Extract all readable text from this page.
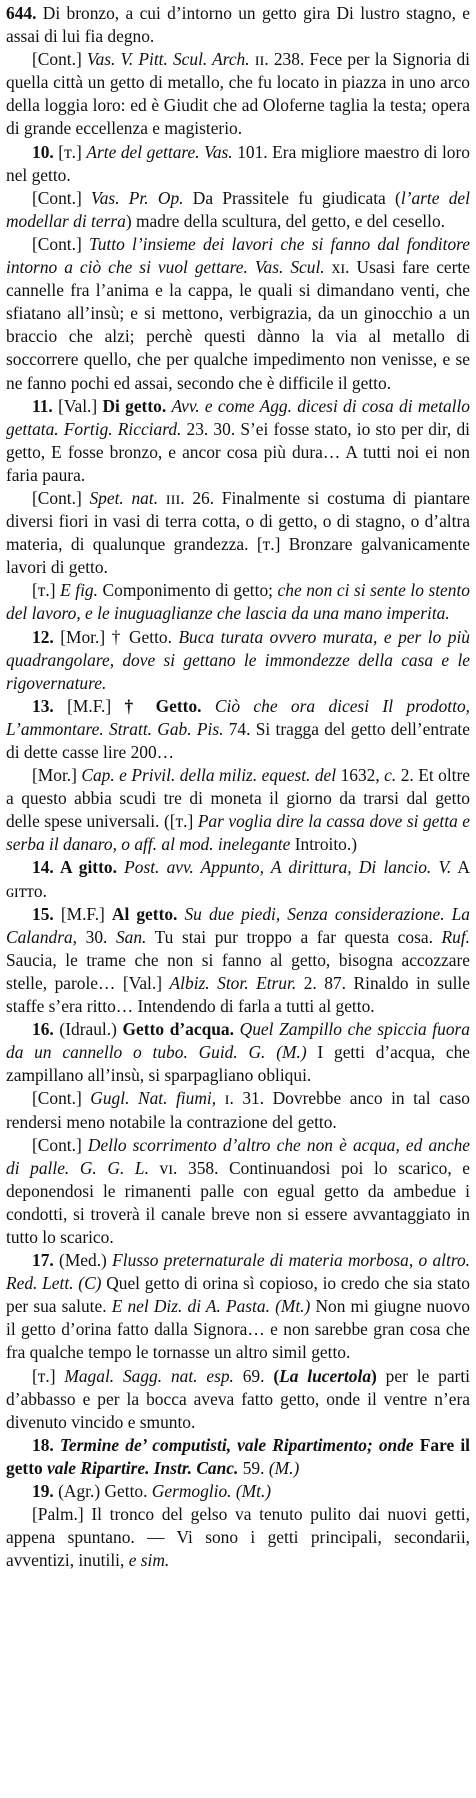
644. Di bronzo, a cui d’intorno un getto gira Di lustro stagno, e assai di lui fia degno.

[Cont.] Vas. V. Pitt. Scul. Arch. ɪɪ. 238. Fece per la Signoria di quella città un getto di metallo, che fu locato in piazza in uno arco della loggia loro: ed è Giudit che ad Oloferne taglia la testa; opera di grande eccellenza e magisterio.

10. [ᴛ.] Arte del gettare. Vas. 101. Era migliore maestro di loro nel getto.

[Cont.] Vas. Pr. Op. Da Prassitele fu giudicata (l’arte del modellar di terra) madre della scultura, del getto, e del cesello.

[Cont.] Tutto l’insieme dei lavori che si fanno dal fonditore intorno a ciò che si vuol gettare. Vas. Scul. xɪ. Usasi fare certe cannelle fra l’anima e la cappa, le quali si dimandano venti, che sfiatano all’insù; e si mettono, verbigrazia, da un ginocchio a un braccio che alzi; perchè questi dànno la via al metallo di soccorrere quello, che per qualche impedimento non venisse, e se ne fanno pochi ed assai, secondo che è difficile il getto.

11. [Val.] Di getto. Avv. e come Agg. dicesi di cosa di metallo gettata. Fortig. Ricciard. 23. 30. S’ei fosse stato, io sto per dir, di getto, E fosse bronzo, e ancor cosa più dura… A tutti noi ei non faria paura.

[Cont.] Spet. nat. ɪɪɪ. 26. Finalmente si costuma di piantare diversi fiori in vasi di terra cotta, o di getto, o di stagno, o d’altra materia, di qualunque grandezza. [ᴛ.] Bronzare galvanicamente lavori di getto.

[ᴛ.] E fig. Componimento di getto; che non ci si sente lo stento del lavoro, e le inuguaglianze che lascia da una mano imperita.

12. [Mor.] † Getto. Buca turata ovvero murata, e per lo più quadrangolare, dove si gettano le immondezze della casa e le rigovernature.

13. [M.F.] † Getto. Ciò che ora dicesi Il prodotto, L’ammontare. Stratt. Gab. Pis. 74. Si tragga del getto dell’entrate di dette casse lire 200…

[Mor.] Cap. e Privil. della miliz. equest. del 1632, c. 2. Et oltre a questo abbia scudi tre di moneta il giorno da trarsi dal getto delle spese universali. ([ᴛ.] Par voglia dire la cassa dove si getta e serba il danaro, o aff. al mod. inelegante Introito.)

14. A gitto. Post. avv. Appunto, A dirittura, Di lancio. V. A ɢɪᴛᴛᴏ.

15. [M.F.] Al getto. Su due piedi, Senza considerazione. La Calandra, 30. San. Tu stai pur troppo a far questa cosa. Ruf. Saucia, le trame che non si fanno al getto, bisogna accozzare stelle, parole… [Val.] Albiz. Stor. Etrur. 2. 87. Rinaldo in sulle staffe s’era ritto… Intendendo di farla a tutti al getto.

16. (Idraul.) Getto d’acqua. Quel Zampillo che spiccia fuora da un cannello o tubo. Guid. G. (M.) I getti d’acqua, che zampillano all’insù, si sparpagliano obliqui.

[Cont.] Gugl. Nat. fiumi, ɪ. 31. Dovrebbe anco in tal caso rendersi meno notabile la contrazione del getto.

[Cont.] Dello scorrimento d’altro che non è acqua, ed anche di palle. G. G. L. vɪ. 358. Continuandosi poi lo scarico, e deponendosi le rimanenti palle con egual getto da ambedue i condotti, si troverà il canale breve non si essere avvantaggiato in tutto lo scarico.

17. (Med.) Flusso preternaturale di materia morbosa, o altro. Red. Lett. (C) Quel getto di orina sì copioso, io credo che sia stato per sua salute. E nel Diz. di A. Pasta. (Mt.) Non mi giugne nuovo il getto d’orina fatto dalla Signora… e non sarebbe gran cosa che fra qualche tempo le tornasse un altro simil getto.

[ᴛ.] Magal. Sagg. nat. esp. 69. (La lucertola) per le parti d’abbasso e per la bocca aveva fatto getto, onde il ventre n’era divenuto vincido e smunto.

18. Termine de’ computisti, vale Ripartimento; onde Fare il getto vale Ripartire. Instr. Canc. 59. (M.)

19. (Agr.) Getto. Germoglio. (Mt.)

[Palm.] Il tronco del gelso va tenuto pulito dai nuovi getti, appena spuntano. — Vi sono i getti principali, secondarii, avventizi, inutili, e sim.
